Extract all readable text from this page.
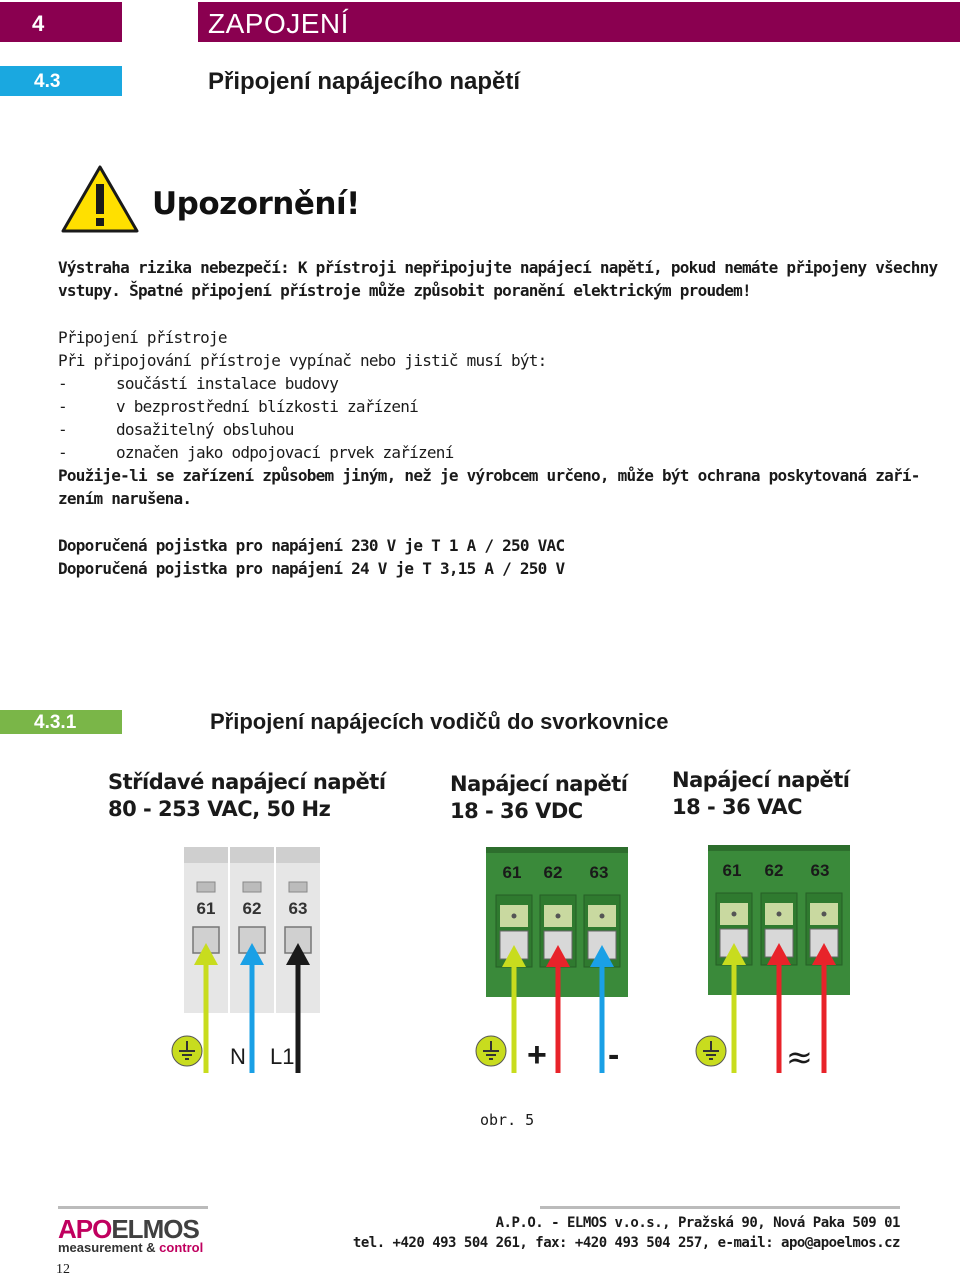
4	ZAPOJENÍ
4.3	Připojení napájecího napětí
Upozornění!
Výstraha rizika nebezpečí: K přístroji nepřipojujte napájecí napětí, pokud nemáte připojeny všechny
vstupy. Špatné připojení přístroje může způsobit poranění elektrickým proudem!
Připojení přístroje
Při připojování přístroje vypínač nebo jistič musí být:
-	součástí instalace budovy
-	v bezprostřední blízkosti zařízení
-	dosažitelný obsluhou
-	označen jako odpojovací prvek zařízení
Použije-li se zařízení způsobem jiným, než je výrobcem určeno, může být ochrana poskytovaná zaří-
zením narušena.
Doporučená pojistka pro napájení 230 V je T 1 A / 250 VAC
Doporučená pojistka pro napájení 24 V je T 3,15 A / 250 V
4.3.1	Připojení napájecích vodičů do svorkovnice
Střídavé napájecí napětí
80 - 253 VAC, 50 Hz
Napájecí napětí
18 - 36 VDC
Napájecí napětí
18 - 36 VAC
61 62 63
61 62 63	61 62 63
N L1	+ -	≈
obr. 5
APOELMOS
measurement & control
A.P.O. - ELMOS v.o.s., Pražská 90, Nová Paka 509 01
tel. +420 493 504 261, fax: +420 493 504 257, e-mail: apo@apoelmos.cz
12
